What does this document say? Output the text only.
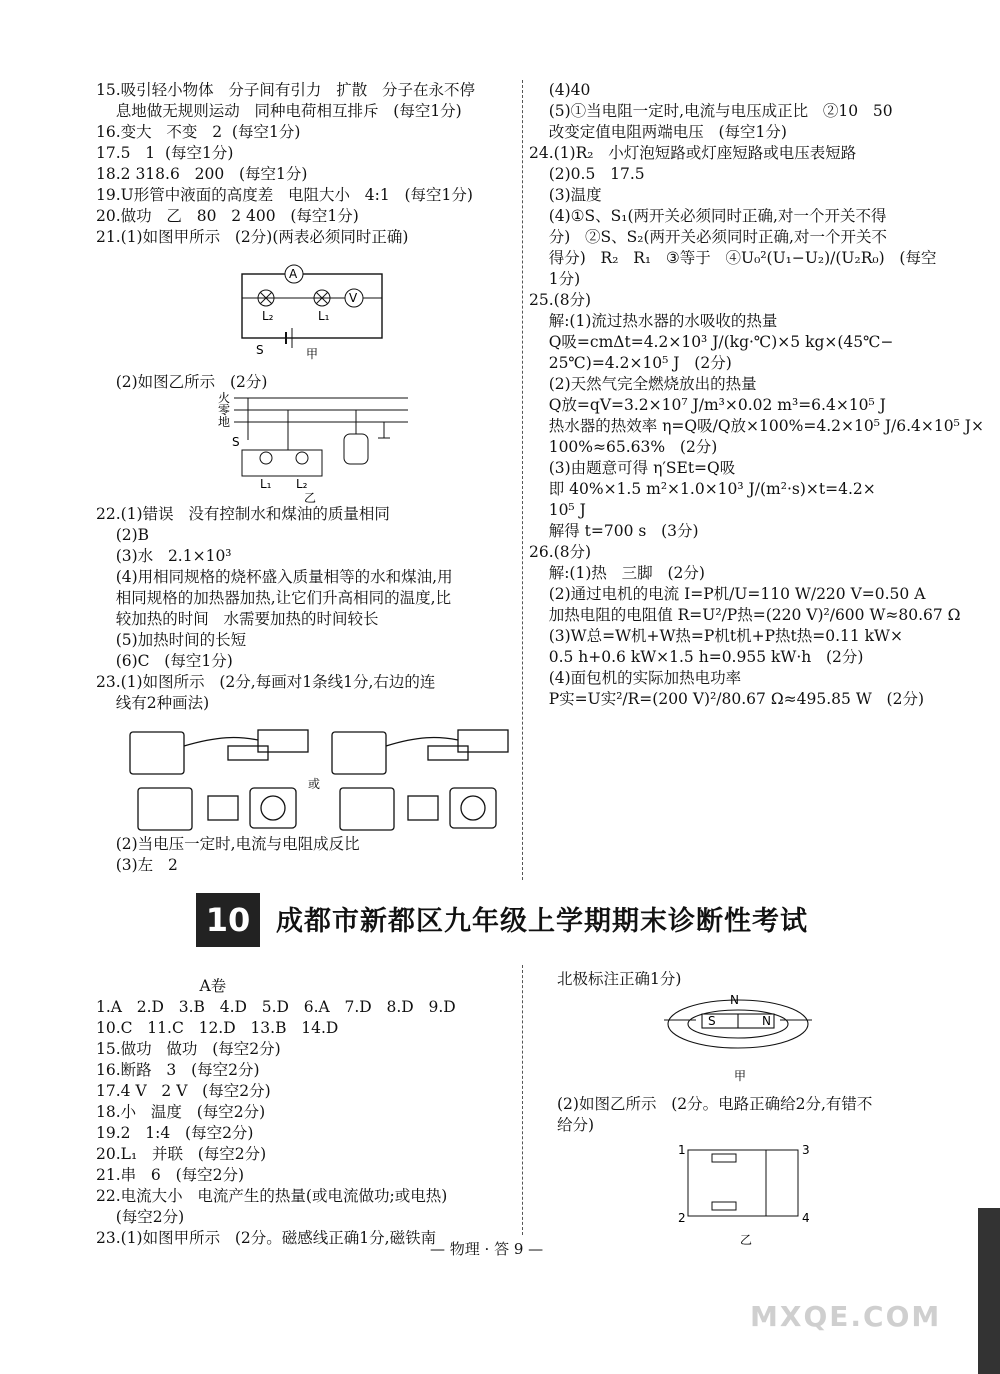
15.吸引轻小物体   分子间有引力   扩散   分子在永不停

息地做无规则运动   同种电荷相互排斥   (每空1分)

16.变大   不变   2  (每空1分)

17.5   1  (每空1分)

18.2 318.6   200   (每空1分)

19.U形管中液面的高度差   电阻大小   4:1   (每空1分)

20.做功   乙   80   2 400   (每空1分)

21.(1)如图甲所示   (2分)(两表必须同时正确)

A
V
L₂	L₁
S	甲

(2)如图乙所示   (2分)

火
零
地
S
L₁ L₂
乙

22.(1)错误   没有控制水和煤油的质量相同

(2)B

(3)水   2.1×10³

(4)用相同规格的烧杯盛入质量相等的水和煤油,用

相同规格的加热器加热,让它们升高相同的温度,比

较加热的时间   水需要加热的时间较长

(5)加热时间的长短

(6)C   (每空1分)

23.(1)如图所示   (2分,每画对1条线1分,右边的连

线有2种画法)

或

(2)当电压一定时,电流与电阻成反比

(3)左   2

(4)40

(5)①当电阻一定时,电流与电压成正比   ②10   50

改变定值电阻两端电压   (每空1分)

24.(1)R₂   小灯泡短路或灯座短路或电压表短路

(2)0.5   17.5

(3)温度

(4)①S、S₁(两开关必须同时正确,对一个开关不得

分)   ②S、S₂(两开关必须同时正确,对一个开关不

得分)   R₂   R₁   ③等于   ④U₀²(U₁−U₂)/(U₂R₀)   (每空

1分)

25.(8分)

解:(1)流过热水器的水吸收的热量

Q吸=cmΔt=4.2×10³ J/(kg·℃)×5 kg×(45℃−

25℃)=4.2×10⁵ J   (2分)

(2)天然气完全燃烧放出的热量

Q放=qV=3.2×10⁷ J/m³×0.02 m³=6.4×10⁵ J

热水器的热效率 η=Q吸/Q放×100%=4.2×10⁵ J/6.4×10⁵ J×

100%≈65.63%   (2分)

(3)由题意可得 η′SEt=Q吸

即 40%×1.5 m²×1.0×10³ J/(m²·s)×t=4.2×

10⁵ J

解得 t=700 s   (3分)

26.(8分)

解:(1)热   三脚   (2分)

(2)通过电机的电流 I=P机/U=110 W/220 V=0.50 A

加热电阻的电阻值 R=U²/P热=(220 V)²/600 W≈80.67 Ω

(3)W总=W机+W热=P机t机+P热t热=0.11 kW×

0.5 h+0.6 kW×1.5 h=0.955 kW·h   (2分)

(4)面包机的实际加热电功率

P实=U实²/R=(200 V)²/80.67 Ω≈495.85 W   (2分)

10 成都市新都区九年级上学期期末诊断性考试

A卷

1.A   2.D   3.B   4.D   5.D   6.A   7.D   8.D   9.D

10.C   11.C   12.D   13.B   14.D

15.做功   做功   (每空2分)

16.断路   3   (每空2分)

17.4 V   2 V   (每空2分)

18.小   温度   (每空2分)

19.2   1:4   (每空2分)

20.L₁   并联   (每空2分)

21.串   6   (每空2分)

22.电流大小   电流产生的热量(或电流做功;或电热)

(每空2分)

23.(1)如图甲所示   (2分。磁感线正确1分,磁铁南

北极标注正确1分)

S	N
N
甲

(2)如图乙所示   (2分。电路正确给2分,有错不

给分)

1
2
3
4
乙
— 物理 · 答 9 —
MXQE.COM
